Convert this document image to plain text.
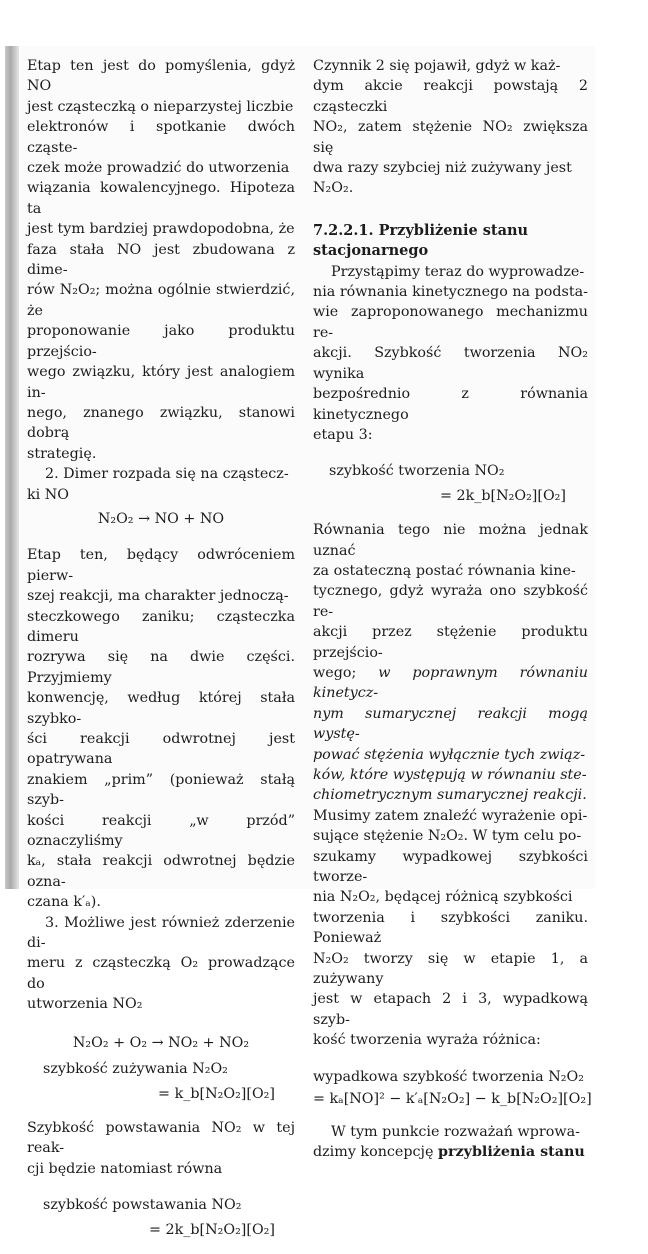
Etap ten jest do pomyślenia, gdyż NO
jest cząsteczką o nieparzystej liczbie
elektronów i spotkanie dwóch cząste-
czek może prowadzić do utworzenia
wiązania kowalencyjnego. Hipoteza ta
jest tym bardziej prawdopodobna, że
faza stała NO jest zbudowana z dime-
rów N₂O₂; można ogólnie stwierdzić, że
proponowanie jako produktu przejścio-
wego związku, który jest analogiem in-
nego, znanego związku, stanowi dobrą
strategię.

2. Dimer rozpada się na cząstecz-
ki NO

N₂O₂ → NO + NO

Etap ten, będący odwróceniem pierw-
szej reakcji, ma charakter jednoczą-
steczkowego zaniku; cząsteczka dimeru
rozrywa się na dwie części. Przyjmiemy
konwencję, według której stała szybko-
ści reakcji odwrotnej jest opatrywana
znakiem „prim” (ponieważ stałą szyb-
kości reakcji „w przód” oznaczyliśmy
kₐ, stała reakcji odwrotnej będzie ozna-
czana k′ₐ).

3. Możliwe jest również zderzenie di-
meru z cząsteczką O₂ prowadzące do
utworzenia NO₂

N₂O₂ + O₂ → NO₂ + NO₂
szybkość zużywania N₂O₂
= k_b[N₂O₂][O₂]

Szybkość powstawania NO₂ w tej reak-
cji będzie natomiast równa

szybkość powstawania NO₂
= 2k_b[N₂O₂][O₂]

Czynnik 2 się pojawił, gdyż w każ-
dym akcie reakcji powstają 2 cząsteczki
NO₂, zatem stężenie NO₂ zwiększa się
dwa razy szybciej niż zużywany jest
N₂O₂.

7.2.2.1. Przybliżenie stanu
stacjonarnego

Przystąpimy teraz do wyprowadze-
nia równania kinetycznego na podsta-
wie zaproponowanego mechanizmu re-
akcji. Szybkość tworzenia NO₂ wynika
bezpośrednio z równania kinetycznego
etapu 3:

szybkość tworzenia NO₂
= 2k_b[N₂O₂][O₂]

Równania tego nie można jednak uznać
za ostateczną postać równania kine-
tycznego, gdyż wyraża ono szybkość re-
akcji przez stężenie produktu przejścio-
wego; w poprawnym równaniu kinetycz-
nym sumarycznej reakcji mogą wystę-
pować stężenia wyłącznie tych związ-
ków, które występują w równaniu ste-
chiometrycznym sumarycznej reakcji.
Musimy zatem znaleźć wyrażenie opi-
sujące stężenie N₂O₂. W tym celu po-
szukamy wypadkowej szybkości tworze-
nia N₂O₂, będącej różnicą szybkości
tworzenia i szybkości zaniku. Ponieważ
N₂O₂ tworzy się w etapie 1, a zużywany
jest w etapach 2 i 3, wypadkową szyb-
kość tworzenia wyraża różnica:

wypadkowa szybkość tworzenia N₂O₂
= kₐ[NO]² − k′ₐ[N₂O₂] − k_b[N₂O₂][O₂]

W tym punkcie rozważań wprowa-
dzimy koncepcję przybliżenia stanu
